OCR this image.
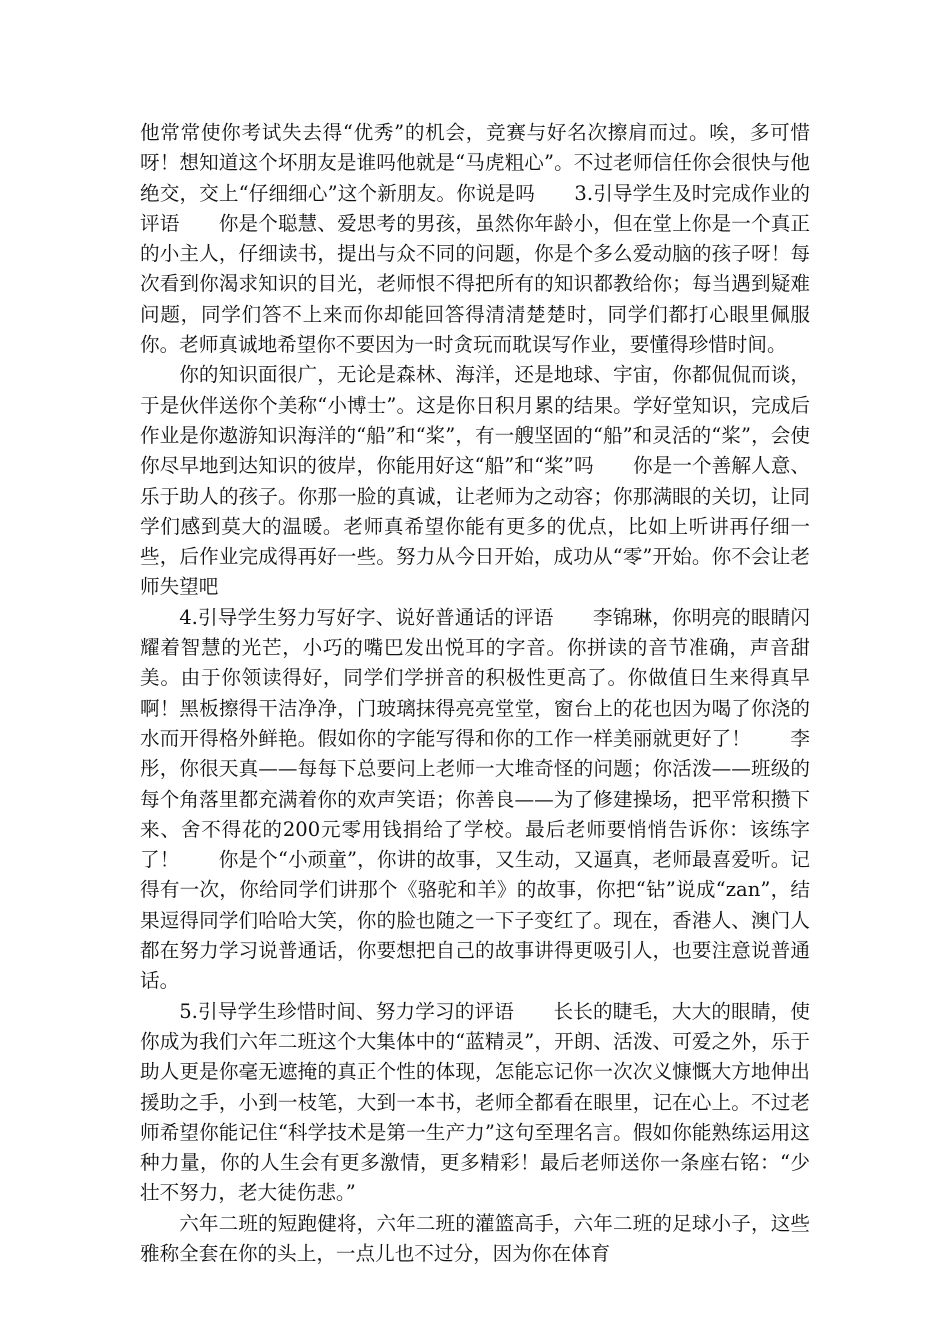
他常常使你考试失去得“优秀”的机会，竞赛与好名次擦肩而过。唉，多可惜呀！想知道这个坏朋友是谁吗他就是“马虎粗心”。不过老师信任你会很快与他绝交，交上“仔细细心”这个新朋友。你说是吗　　3.引导学生及时完成作业的评语　　你是个聪慧、爱思考的男孩，虽然你年龄小，但在堂上你是一个真正的小主人，仔细读书，提出与众不同的问题，你是个多么爱动脑的孩子呀！每次看到你渴求知识的目光，老师恨不得把所有的知识都教给你；每当遇到疑难问题，同学们答不上来而你却能回答得清清楚楚时，同学们都打心眼里佩服你。老师真诚地希望你不要因为一时贪玩而耽误写作业，要懂得珍惜时间。

你的知识面很广，无论是森林、海洋，还是地球、宇宙，你都侃侃而谈，于是伙伴送你个美称“小博士”。这是你日积月累的结果。学好堂知识，完成后作业是你遨游知识海洋的“船”和“桨”，有一艘坚固的“船”和灵活的“桨”，会使你尽早地到达知识的彼岸，你能用好这“船”和“桨”吗　　你是一个善解人意、乐于助人的孩子。你那一脸的真诚，让老师为之动容；你那满眼的关切，让同学们感到莫大的温暖。老师真希望你能有更多的优点，比如上听讲再仔细一些，后作业完成得再好一些。努力从今日开始，成功从“零”开始。你不会让老师失望吧

4.引导学生努力写好字、说好普通话的评语　　李锦琳，你明亮的眼睛闪耀着智慧的光芒，小巧的嘴巴发出悦耳的字音。你拼读的音节准确，声音甜美。由于你领读得好，同学们学拼音的积极性更高了。你做值日生来得真早啊！黑板擦得干洁净净，门玻璃抹得亮亮堂堂，窗台上的花也因为喝了你浇的水而开得格外鲜艳。假如你的字能写得和你的工作一样美丽就更好了！　　李彤，你很天真——每每下总要问上老师一大堆奇怪的问题；你活泼——班级的每个角落里都充满着你的欢声笑语；你善良——为了修建操场，把平常积攒下来、舍不得花的200元零用钱捐给了学校。最后老师要悄悄告诉你：该练字了！　　你是个“小顽童”，你讲的故事，又生动，又逼真，老师最喜爱听。记得有一次，你给同学们讲那个《骆驼和羊》的故事，你把“钻”说成“zan”，结果逗得同学们哈哈大笑，你的脸也随之一下子变红了。现在，香港人、澳门人都在努力学习说普通话，你要想把自己的故事讲得更吸引人，也要注意说普通话。

5.引导学生珍惜时间、努力学习的评语　　长长的睫毛，大大的眼睛，使你成为我们六年二班这个大集体中的“蓝精灵”，开朗、活泼、可爱之外，乐于助人更是你毫无遮掩的真正个性的体现，怎能忘记你一次次义慷慨大方地伸出援助之手，小到一枝笔，大到一本书，老师全都看在眼里，记在心上。不过老师希望你能记住“科学技术是第一生产力”这句至理名言。假如你能熟练运用这种力量，你的人生会有更多激情，更多精彩！最后老师送你一条座右铭：“少壮不努力，老大徒伤悲。”

六年二班的短跑健将，六年二班的灌篮高手，六年二班的足球小子，这些雅称全套在你的头上，一点儿也不过分，因为你在体育
